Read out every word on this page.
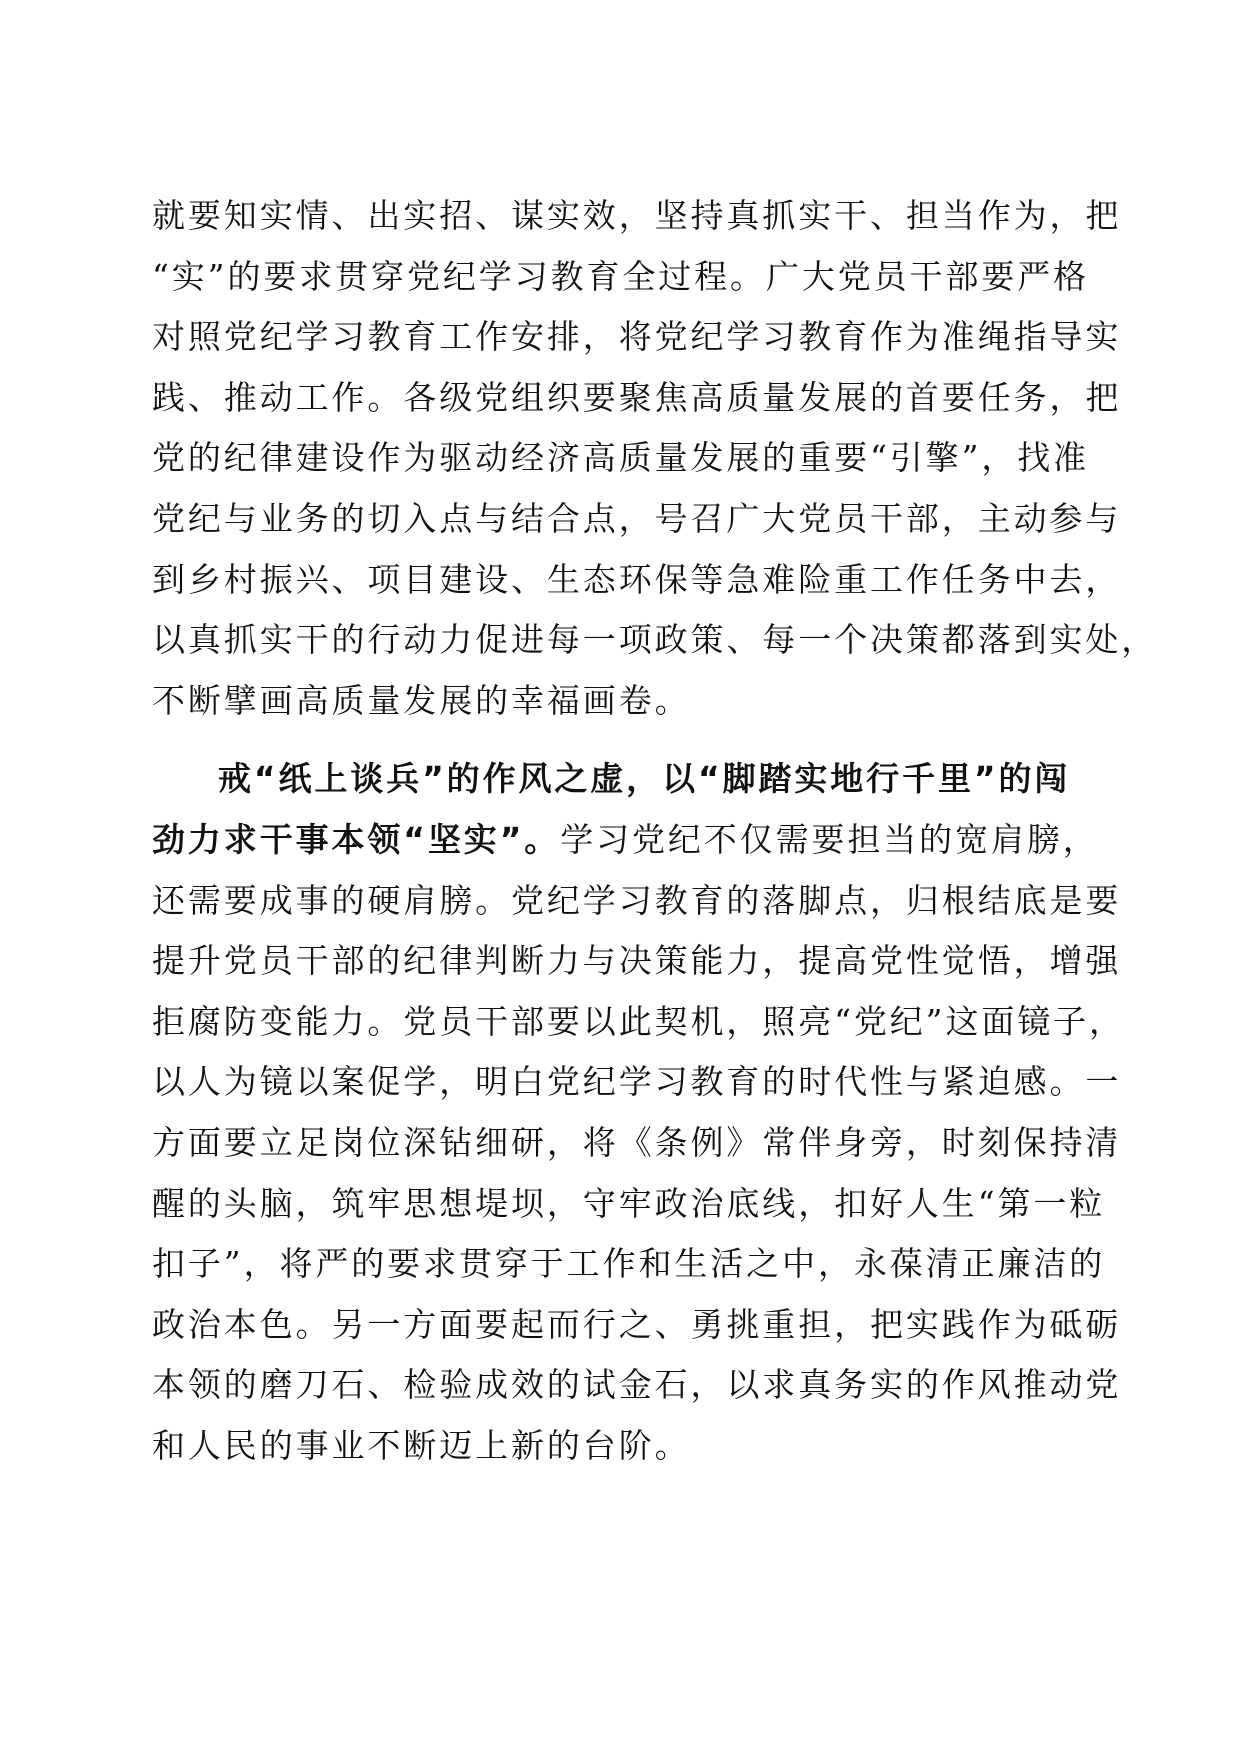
就要知实情、出实招、谋实效，坚持真抓实干、担当作为，把
“实”的要求贯穿党纪学习教育全过程。广大党员干部要严格
对照党纪学习教育工作安排，将党纪学习教育作为准绳指导实
践、推动工作。各级党组织要聚焦高质量发展的首要任务，把
党的纪律建设作为驱动经济高质量发展的重要“引擎”，找准
党纪与业务的切入点与结合点，号召广大党员干部，主动参与
到乡村振兴、项目建设、生态环保等急难险重工作任务中去，
以真抓实干的行动力促进每一项政策、每一个决策都落到实处，
不断擘画高质量发展的幸福画卷。
戒“纸上谈兵”的作风之虚，以“脚踏实地行千里”的闯
劲力求干事本领“坚实”。学习党纪不仅需要担当的宽肩膀，
还需要成事的硬肩膀。党纪学习教育的落脚点，归根结底是要
提升党员干部的纪律判断力与决策能力，提高党性觉悟，增强
拒腐防变能力。党员干部要以此契机，照亮“党纪”这面镜子，
以人为镜以案促学，明白党纪学习教育的时代性与紧迫感。一
方面要立足岗位深钻细研，将《条例》常伴身旁，时刻保持清
醒的头脑，筑牢思想堤坝，守牢政治底线，扣好人生“第一粒
扣子”，将严的要求贯穿于工作和生活之中，永葆清正廉洁的
政治本色。另一方面要起而行之、勇挑重担，把实践作为砥砺
本领的磨刀石、检验成效的试金石，以求真务实的作风推动党
和人民的事业不断迈上新的台阶。
